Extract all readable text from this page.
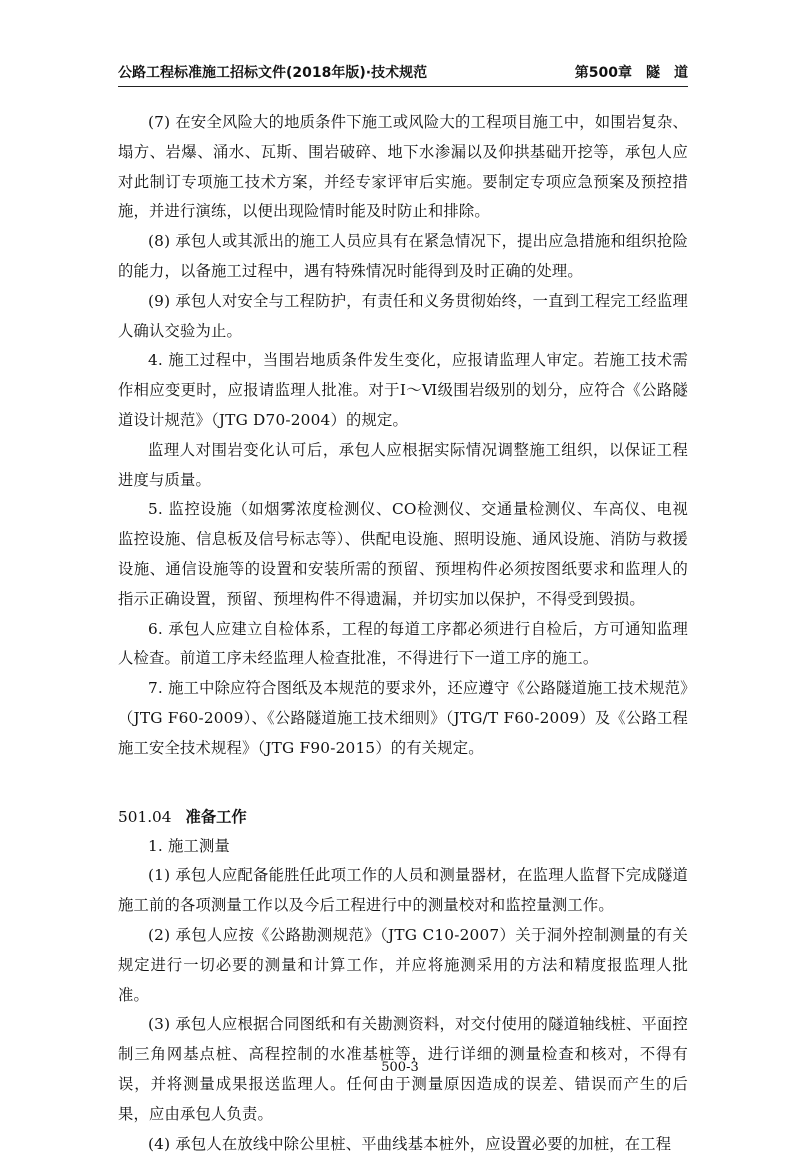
公路工程标准施工招标文件(2018年版)·技术规范	第500章　隧　道

(7) 在安全风险大的地质条件下施工或风险大的工程项目施工中，如围岩复杂、塌方、岩爆、涌水、瓦斯、围岩破碎、地下水渗漏以及仰拱基础开挖等，承包人应对此制订专项施工技术方案，并经专家评审后实施。要制定专项应急预案及预控措施，并进行演练，以便出现险情时能及时防止和排除。

(8) 承包人或其派出的施工人员应具有在紧急情况下，提出应急措施和组织抢险的能力，以备施工过程中，遇有特殊情况时能得到及时正确的处理。

(9) 承包人对安全与工程防护，有责任和义务贯彻始终，一直到工程完工经监理人确认交验为止。

4. 施工过程中，当围岩地质条件发生变化，应报请监理人审定。若施工技术需作相应变更时，应报请监理人批准。对于Ⅰ～Ⅵ级围岩级别的划分，应符合《公路隧道设计规范》（JTG D70-2004）的规定。

监理人对围岩变化认可后，承包人应根据实际情况调整施工组织，以保证工程进度与质量。

5. 监控设施（如烟雾浓度检测仪、CO检测仪、交通量检测仪、车高仪、电视监控设施、信息板及信号标志等）、供配电设施、照明设施、通风设施、消防与救援设施、通信设施等的设置和安装所需的预留、预埋构件必须按图纸要求和监理人的指示正确设置，预留、预埋构件不得遗漏，并切实加以保护，不得受到毁损。

6. 承包人应建立自检体系，工程的每道工序都必须进行自检后，方可通知监理人检查。前道工序未经监理人检查批准，不得进行下一道工序的施工。

7. 施工中除应符合图纸及本规范的要求外，还应遵守《公路隧道施工技术规范》（JTG F60-2009）、《公路隧道施工技术细则》（JTG/T F60-2009）及《公路工程施工安全技术规程》（JTG F90-2015）的有关规定。

501.04 准备工作

1. 施工测量

(1) 承包人应配备能胜任此项工作的人员和测量器材，在监理人监督下完成隧道施工前的各项测量工作以及今后工程进行中的测量校对和监控量测工作。

(2) 承包人应按《公路勘测规范》（JTG C10-2007）关于洞外控制测量的有关规定进行一切必要的测量和计算工作，并应将施测采用的方法和精度报监理人批准。

(3) 承包人应根据合同图纸和有关勘测资料，对交付使用的隧道轴线桩、平面控制三角网基点桩、高程控制的水准基桩等，进行详细的测量检查和核对，不得有误，并将测量成果报送监理人。任何由于测量原因造成的误差、错误而产生的后果，应由承包人负责。

(4) 承包人在放线中除公里桩、平曲线基本桩外，应设置必要的加桩，在工程

500-3
